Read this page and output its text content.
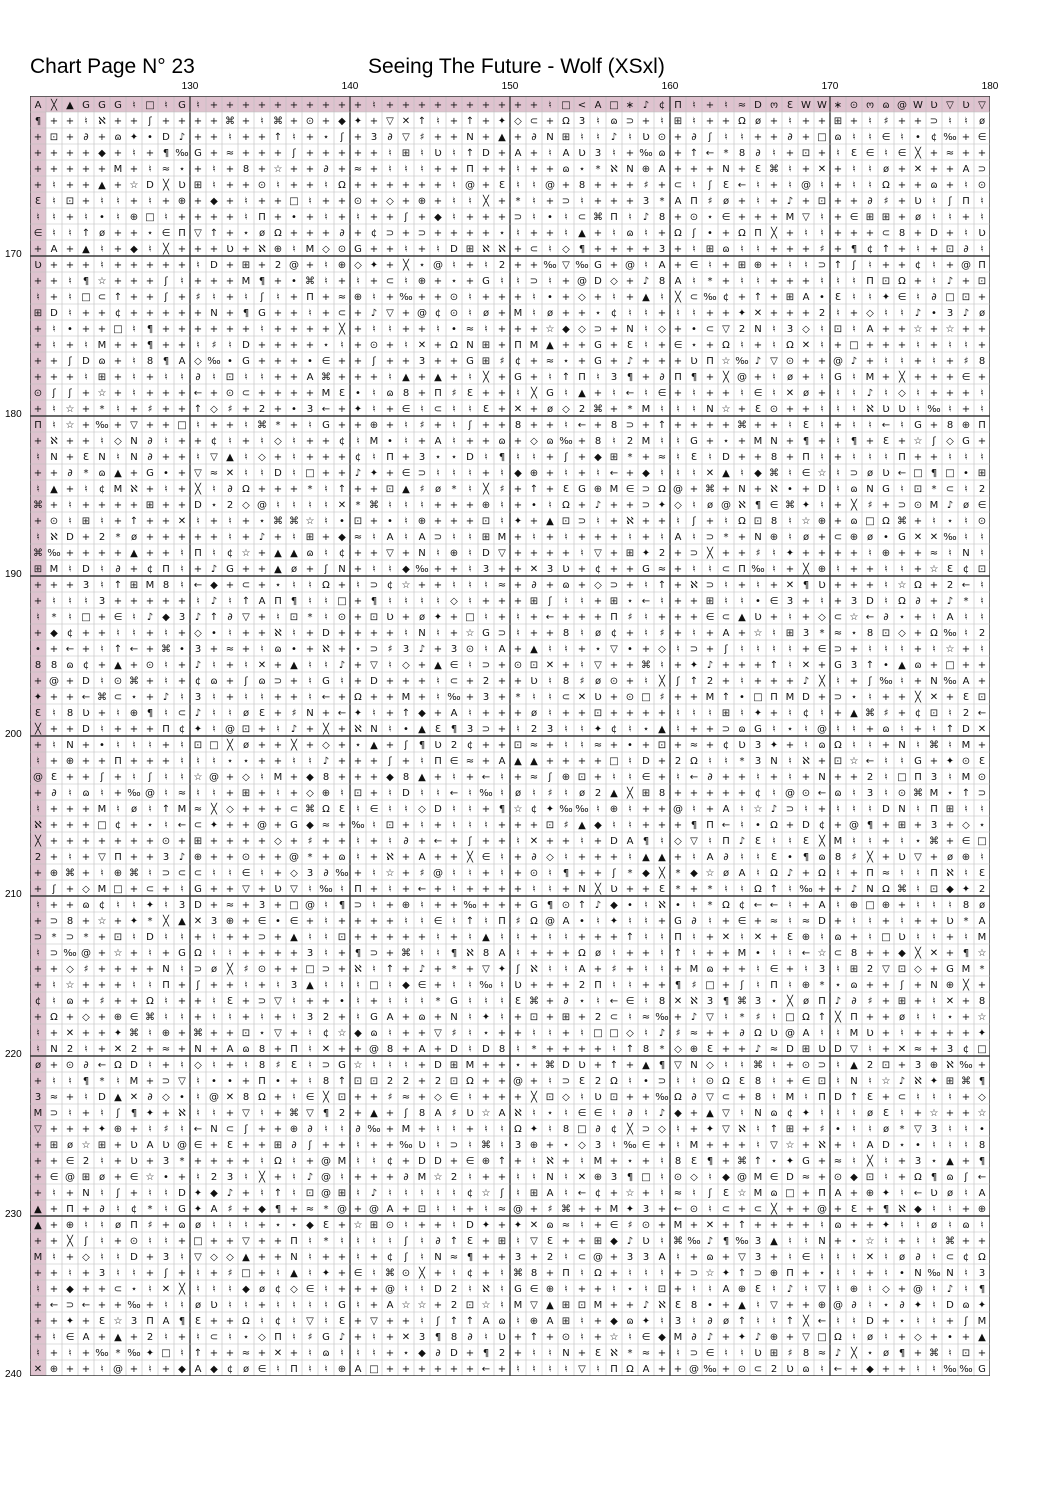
Chart Page N° 23	Seeing The Future - Wolf (XSxl)
130	140	150	160	170	180
170
180
190
200
210
220
230
240
A ╳ ▲ G G G ♮ □ ♮ G ♮ + + + + + + + + + + ♮ + + + + + + + + + + ♮ □ < A □ ∗ ♪ ¢ Π ♮ + ♮ ≈ D ო Ɛ W W ∗ ⊙ ო ɷ @ W Ʋ ▽ Ʋ ▽
¶ + + ♮ ℵ + + ʃ + + + + ⌘ + ♮ ⌘ + ⊙ + ◆ ✦ + ▽ ✕ ↑ ♮ + ↑ + ✦ ◇ ⊂ + Ω 3 ♮ ɷ ⊃ + ♮ ⊞ ♮ + + Ω ø + ♮ + + ⊞ + ♮ ♯ + + ⊃ ♮ ♮ ø
+ ⊡ + ∂ + ɷ ✦ • D ♪ + + ♮ + + ↑ ♮ + ⋆ ʃ + 3 ∂ ▽ ♯ + + N + ▲ + ∂ N ⊞ ♮ ♮ ♪ ♮ Ʋ ⊙ + ∂ ʃ ♮ ♮ + + ∂ + □ ɷ ♮ ♮ ∈ ♮ • ¢ ‰ + ∈
+ + + + ◆ + ♮ + ¶ ‰ G + ≈ + + + ʃ + + + + + ♮ ⊞ ♮ Ʋ ♮ ↑ D + A + ♮ A Ʋ 3 ♮ + ‰ ɷ + ↑ ← * 8 ∂ ♮ + ⊡ + ♮ Ɛ ∈ ♮ ∈ ╳ + ≈ + +
+ + + + + M + ♮ ≈ ⋆ + ♮ + 8 + ☆ + + ∂ + ≈ + ♮ ♮ ♮ + + Π + + ♮ + + ɷ ⋆ * ℵ N ⊕ A + + + N + Ɛ ⌘ ♮ + ✕ + ♮ ♮ ø + ✕ + + A ⊃
+ ♮ + + ▲ + ☆ D ╳ Ʋ ⊞ ♮ + + ⊙ ♮ + + ♮ Ω + + + + + + ♮ @ + Ɛ ♮ ♮ @ + 8 + + + ♯ + ⊂ ♮ ʃ Ɛ ← ♮ + ♮ @ ♮ + ♮ ♮ Ω + + ɷ + ♮ ⊙
Ɛ ♮ ⊡ + ♮ ♮ + ♮ + ⊕ + ◆ + ♮ + + □ ♮ + + ⊙ + ◇ + ⊕ + ♮ ♮ ╳ + * ♮ + ⊃ ♮ + + + 3 * A Π ♯ ø + ♮ + ♪ + ⊡ + + ∂ ♯ + Ʋ ♮ ʃ Π ♮
♮ ♮ + ♮ • ♮ ⊕ □ ♮ + + + + ♮ Π + • + ♮ + ♮ + + ʃ + ◆ ♮ + + + ⊃ ♮ • ♮ ⊂ ⌘ Π ♮ ♪ 8 + ⊙ ⋆ ∈ + + + M ▽ ♮ + ∈ ⊞ ⊞ + ø ♮ ♮ + ♮
∈ ♮ ♮ ↑ ø + + ⋆ ∈ Π ▽ ↑ + ⋆ ø Ω + + + ∂ + ¢ ⊃ + ⊃ + + + + ⋆ ♮ + + ♮ ▲ + ♮ ɷ ♮ + Ω ʃ • + Ω Π ╳ + ♮ ♮ + + + ⊂ 8 + D + ♮ Ʋ
+ A + ▲ ♮ + ◆ ♮ ╳ + + + Ʋ + ℵ ⊕ ♮ M ◇ ⊙ G + + ♮ + ♮ D ⊞ ℵ ℵ + ⊂ ♮ ◇ ¶ + + + + 3 + ♮ ⊞ ɷ ♮ ♮ + + + ♯ + ¶ ¢ ↑ + ♮ + ⊡ ∂ ♮
Ʋ + + + ♮ + + + + + ♮ D + ⊞ + 2 @ + ♮ ⊕ ◇ ✦ + ╳ ⋆ @ ♮ + ♮ 2 + + ‰ ▽ ‰ G + @ ♮ A + ∈ ♮ + ⊞ ⊕ + ♮ ♮ ⊃ ↑ ʃ ♮ + + ¢ ♮ + @ Π
+ + ♮ ¶ ☆ + + + ʃ ♮ + + + M ¶ + • ⌘ ♮ + ♮ + ⊂ ♮ ⊕ + ⋆ + G ♮ ♮ ⊃ ♮ + @ D ◇ + ♪ 8 A ♮ * + ♮ ♮ + + + ♮ ♮ ♮ Π ⊡ Ω + ♮ ♪ + ⊡
♮ + ♮ □ ⊂ ↑ + + ʃ + ♯ ♮ + ♮ ʃ ♮ + Π + ≈ ⊕ ♮ + ‰ + + ⊙ ♮ + + + ♮ • + ◇ + ♮ + ▲ ♮ ╳ ⊂ ‰ ¢ + ↑ + ⊞ A • Ɛ ♮ ♮ ✦ ∈ ♮ ∂ □ ⊡ +
⊞ D ♮ + + ¢ + + + + + N + ¶ G + + ♮ + ⊂ + ♪ ▽ + @ ¢ ⊙ ♮ ø + M ♮ ø + + ⋆ ¢ ♮ ♮ + ♮ ♮ + + ✦ ✕ + + + 2 ♮ + ◇ ♮ ♮ ♪ • 3 ♪ ø
+ ♮ • + + □ ♮ ¶ + + + + + + ♮ + + + + ╳ + ♮ ♮ + + ♮ • ≈ ♮ + + + ☆ ◆ ◇ ⊃ + N ♮ ◇ + • ⊂ ▽ 2 N ♮ 3 ◇ ♮ ⊡ ♮ A + + ☆ + ☆ + +
+ ♮ + ♮ M + + ¶ + + ♮ ♯ ♮ D + + + + ⋆ ♮ + ⊙ + ♮ ✕ + Ω N ⊞ + Π M ▲ + + G + Ɛ ♮ + ∈ ⋆ + Ω ♮ + ♮ Ω ✕ ♮ + □ + + + ♮ + ♮ ♮ +
+ + ʃ D ɷ + ♮ 8 ¶ A ◇ ‰ • G + + + • ∈ + + ʃ + + 3 + + G ⊞ ♯ ¢ + ≈ ⋆ + G + ♪ + + + Ʋ Π ☆ ‰ ♪ ▽ ⊙ + + @ ♪ + ♮ ♮ + ♮ + ♯ 8
+ + + ♮ ⊞ + ♮ + ♮ ♮ ∂ ♮ ⊡ ♮ ♮ + + A ⌘ + + + ♮ ▲ + ▲ + ♮ ╳ + G + ♮ ↑ Π ♮ 3 ¶ + ∂ Π ¶ + ╳ @ + ♮ ø + ♮ G ♮ M + ╳ + + + ∈ +
⊙ ʃ ʃ + ☆ + ♮ + + + ← + ⊙ ⊂ + + + + M Ɛ • ♮ ɷ 8 + Π ♯ Ɛ + + ♮ ╳ G ♮ ▲ + ♮ ← ♮ ∈ + ♮ + + ♮ ∈ ♮ ✕ ø + ♮ ♮ ♪ ♮ ◇ ♮ + + + ♮
+ ♮ ☆ + * ♮ + ♯ + + ↑ ◇ ♯ + 2 + • 3 ← + ✦ ♮ + ∈ ♮ ⊂ ♮ ♮ Ɛ + ✕ + ø ◇ 2 ⌘ + * M ♮ ♮ ♮ N ☆ + Ɛ ⊙ + + ♮ ♮ ♮ ℵ Ʋ Ʋ ♮ ‰ ♮ + ♮
Π ♮ ☆ + ‰ + ▽ + + □ ♮ + + ♮ ⌘ * + ♮ G + + ⊕ + ♮ ♯ + ♮ ʃ + + 8 + + ♮ ← + 8 ⊃ + ↑ + + + + ⌘ + + ♮ Ɛ ♮ + ♮ ♮ ← ♮ G + 8 ⊕ Π
+ ℵ + + ♮ ◇ N ∂ ♮ + + ¢ ♮ + ♮ ◇ ♮ + + ¢ ♮ M • ♮ + A ♮ + + ɷ + ◇ ɷ ‰ + 8 ♮ 2 M ♮ ♮ G + ⋆ + M N + ¶ + ♮ ¶ + Ɛ + ☆ ʃ ◇ G +
♮ N + Ɛ N ♮ N ∂ + + ♮ ▽ ▲ ♮ ◇ + ♮ + + + ¢ ♮ Π + 3 ⋆ ⋆ D ♮ ¶ ♮ ♮ + ʃ + ◆ ⊞ * + ≈ ♮ Ɛ ♮ D + + 8 + Π ♮ + ♮ ♮ ♮ Π + + ♮ ♮ ♮
+ + ∂ * ɷ ▲ + G • + ▽ ≈ ✕ ♮ ♮ D ♮ □ + + ♪ ✦ + ∈ ⊃ ♮ ♮ ♮ + ♮ ◆ ⊕ + ♮ + ♮ ← + ◆ ♮ ♮ ♮ ✕ ▲ ♮ ◆ ⌘ ♮ ∈ ☆ ♮ ⊃ ø Ʋ ← □ ¶ □ • ⊞
♮ ▲ + ♮ ¢ M ℵ + ♮ + ╳ ♮ ∂ Ω + + + * ♮ ↑ + + ⊡ ▲ ♯ ø * ♮ ╳ ♯ + ↑ + Ɛ G ⊕ M ∈ ⊃ Ω @ + ⌘ + N + ℵ • + D ♮ ɷ N G ♮ ⊡ * ⊂ ♮ 2
⌘ + ♮ + + + + ⊞ + + D ⋆ 2 ◇ @ ♮ ♮ ♮ ♮ ✕ * ⌘ ♮ ♮ ♮ + + + ⊕ ♮ + • ♮ Ω + ♪ + + ⊃ ✦ ◇ ♮ ø @ ℵ ¶ ∈ ⌘ ✦ ♮ + ╳ ♯ + ⊃ ⊙ M ♪ ø ∈
+ ⊙ ♮ ⊞ ♮ + ↑ + + ✕ ♮ + ♮ + ⋆ ⌘ ⌘ ☆ ♮ • ⊡ + • ♮ ⊕ + + + ⊡ ♮ ✦ + ▲ ⊡ ⊃ ♮ + ℵ + + ♮ ʃ + ♮ Ω ⊡ 8 ♮ ☆ ⊕ + ɷ □ Ω ⌘ + ♮ ⋆ ♮ ⊙
♮ ℵ D + 2 * ø + + + + + ♮ + ♪ + ♮ ⊞ + ◆ ≈ ♮ A ♮ A ⊃ ♮ ♮ ⊞ M + ♮ + ♮ + + + ♮ + ♮ A ♮ ⊃ * + N ⊕ ♮ ø + ⊂ ⊕ ø • G ✕ ✕ ‰ ♮ ♮
⌘ ‰ + + + + ▲ + + ♮ Π ♮ ¢ ☆ + ▲ ▲ ɷ ♮ ¢ + + ▽ + N ♮ ⊕ ♮ D ▽ + + + + ♮ ▽ + ⊞ ✦ 2 + ⊃ ╳ + + ♯ ♮ ✦ + + + + ♮ ⊕ + + ≈ ♮ N ♮
⊞ M ♮ D ♮ ∂ + ¢ Π ♮ + ♪ G + + ▲ ø + ʃ N + ♮ ♮ ◆ ‰ + + ♮ 3 + + ✕ 3 Ʋ + ¢ + + G ≈ + ♮ ♮ ⊂ Π ‰ ♮ + ╳ ⊕ ♮ + + ♮ ♮ + ☆ Ɛ ¢ ⊡
+ + + 3 ♮ ↑ ⊞ M 8 ♮ ← ◆ + ⊂ + ⋆ ♮ ♮ Ω + ♮ ⊃ ¢ ☆ + + ♮ ♮ ♮ ≈ + ∂ + ɷ + ◇ ⊃ + ♮ ↑ + ℵ ⊃ ♮ + ♮ + ✕ ¶ Ʋ + + + ♮ ☆ Ω + 2 ← ♮
+ ♮ ♮ ♮ 3 + + + + + ♮ ♪ ♮ ↑ A Π ¶ ♮ ♮ □ + ¶ ♮ ♮ ♮ ♮ ◇ ♮ + + + ⊞ ʃ ♮ ♮ + ⊞ ⋆ ← ♮ + + ⊞ ♮ ♮ • ∈ 3 + ♮ + 3 D ♮ Ω ∂ + ♪ * ♮
♮ * ♮ □ + ∈ ♮ ♪ ◆ 3 ♪ ↑ ∂ ▽ + ♮ ⊡ * ♮ ⊙ + ⊡ Ʋ + ø ✦ + □ ♮ + ♮ + ← + + + Π ♯ ♮ + + + ∈ ⊂ ▲ Ʋ + ♮ + ◇ ⊂ ☆ ← ∂ ⋆ + ♮ A ♮ ♮
+ ◆ ¢ + + ♮ ♮ + ♮ + ◇ • ♮ + + ℵ ♮ + D + + + + ♮ N ♮ + ☆ G ⊃ ♮ + + 8 ♮ ø ¢ + ♮ ♯ + ♮ + A + ☆ ♮ ⊞ 3 * ≈ ⋆ 8 ⊡ ◇ + Ω ‰ ♮ 2
• + ← + ♮ ↑ ← + ⌘ • 3 + ≈ + ♮ ɷ • + ℵ + ⋆ ⊃ ♯ 3 ♪ + 3 ⊙ ♮ A + ▲ ♮ ♮ + ⋆ ▽ • + ◇ ♮ ⊃ + ʃ ♮ ♮ ♮ ♮ + ∈ ⊃ + ♮ ♮ ♮ + ♮ ☆ + ♮
8 8 ɷ ¢ + ▲ + ⊙ ♮ + ♪ ♮ + ♮ ✕ + ▲ ♮ ♮ ♪ + ▽ ♮ ◇ + ▲ ∈ ♮ ⊃ + ⊙ ⊡ ✕ + ♮ ▽ + + ⌘ ♮ + ✦ ♪ + + + ↑ ♮ ✕ + G 3 ↑ • ▲ ɷ + □ + +
+ @ + D ♮ ⊙ ⌘ + ♮ + ¢ ɷ + ʃ ɷ ⊃ + ♮ G ♮ + D + + + ♮ ⊂ + 2 + + Ʋ ♮ 8 ♯ ø ⊙ + ♮ ╳ ʃ ↑ 2 + ♮ + + + ♪ ╳ ♮ + ʃ ‰ ♮ + N ‰ A +
✦ + + ← ⌘ ⊂ ⋆ + ♪ ♮ 3 ♮ + ♮ ♮ + + ♮ ← + Ω + + M + ♮ ‰ + 3 + * ♮ ♮ ⊂ ✕ Ʋ + ⊙ □ ♯ + + M ↑ • □ Π M D + ⊃ ⋆ ♮ + + ╳ ✕ + Ɛ ⊡
Ɛ ♮ 8 Ʋ + ♮ ⊕ ¶ ♮ ⊂ ♪ ♮ ♮ ø Ɛ + ♯ N + ← ✦ ♮ + ↑ ◆ + A ♮ + + + ø ♮ + + ⊡ + + + + ♮ ♮ ♮ ⊞ ♮ ✦ + ♮ ¢ ♮ + ▲ ⌘ ♯ + ¢ ⊡ ♮ 2 ←
╳ + + D ♮ + + + Π ¢ ✦ ♮ @ ⊡ + ♮ ♪ + ╳ + ℵ N ♮ • ▲ Ɛ ¶ 3 ⊃ + ♮ 2 3 ♮ ♮ ✦ ¢ ♮ ⋆ ▲ ♮ + + ⊃ ɷ G ♮ ⋆ ♮ @ ♮ ♮ + ɷ ♮ + ♮ ↑ D ✕
+ ♮ N + • ♮ ♮ ♮ + ♮ ⊡ □ ╳ ø + + ╳ + ◇ + ⋆ ▲ + ʃ ¶ Ʋ 2 ¢ + + ⊡ ≈ + ♮ ♮ ≈ + • + ⊡ + ≈ + ¢ Ʋ 3 ✦ + ♮ ɷ Ω ♮ ♮ + N ♮ ⌘ ♮ M +
♮ + ⊕ + + Π + + + ♮ ♮ ♮ ⋆ ⋆ + + ♮ ♮ ♪ + + + ʃ + ♮ Π ∈ ≈ + A ▲ ▲ + + + + □ ♮ D + 2 Ω ♮ ♮ * 3 N ♮ ℵ + ⊡ ☆ ← ♮ ♮ G + ✦ ⊙ Ɛ
@ Ɛ + + ʃ + ♮ ʃ ♮ ♮ ☆ @ + ◇ ♮ M + ◆ 8 + + + ◆ 8 ▲ + ♮ + ← ♮ + ≈ ʃ ⊕ ⊡ + ♮ ♮ ∈ + ♮ ← ∂ + + ♮ + ♮ + N + + 2 ♮ □ Π 3 ♮ M ⊙
+ ∂ ♮ ɷ ♮ + ‰ @ ♮ ≈ ♮ ♮ + ⊞ + ♮ + ◇ ⊕ ♮ ⊡ + ♮ D ♮ ♮ ← ♮ ‰ ♮ ø ♮ ♯ ♮ ø 2 ▲ ╳ ⊞ 8 + + + + + ¢ ♮ @ ⊙ ← ɷ ♮ 3 ♮ ⊙ ⌘ M ⋆ ↑ ⊃
♮ + + + M ♮ ø ♮ ↑ M ≈ ╳ ◇ + + + ⊂ ⌘ Ω Ɛ ♮ ∈ ♮ ♮ ◇ D ♮ ♮ + ¶ ☆ ¢ ✦ ‰ ‰ ♮ ⊕ ♮ + + @ ♮ + A ♮ ☆ ♪ ⊃ ♮ + ♮ ♮ ♮ D N ♮ Π ⊞ ♮ ♮
ℵ + + + □ ¢ + ⋆ ♮ ← ⊂ ✦ + + @ + G ◆ ≈ + ‰ ♮ ⊡ + ♮ + ♮ ♮ ♮ + + + ⊡ ♯ ▲ ◆ ♮ ♮ + + + ¶ Π ← ♮ • Ω + D ¢ + @ ¶ + ⊞ + 3 + ◇ ⋆
╳ + + + + + + + ⊙ + ⊞ + + + + ◇ + ♯ + + ♮ + ♮ ∂ + ← + ʃ + + ♮ ✕ + + ♮ + D A ¶ ♮ ◇ ▽ ♮ Π ♪ Ɛ ♮ ♮ Ɛ ╳ M ♮ ♮ + ♮ ⋆ ⌘ + ∈ □
2 + ♮ + ▽ Π + + 3 ♪ ⊕ + + ⊙ + + @ * + ɷ ♮ + ℵ + A + + ╳ ∈ ♮ + ∂ ◇ ♮ + + + ♮ ▲ ▲ + ♮ A ∂ ♮ ♮ Ɛ • ¶ ɷ 8 ♯ ╳ + Ʋ ▽ + ø ⊕ ♮
+ ⊕ ⌘ + ♮ ⊕ ⌘ ♮ ⊃ ⊂ ⊂ ♮ ♮ ∈ ♮ + ◇ 3 ∂ ‰ + ♮ ☆ + ♯ @ ♮ ♮ + ♮ + ⊙ ♮ ¶ + + ʃ * ◆ ╳ * ◆ ☆ ø A ♮ Ω ♪ + Ω ♮ + Π ≈ ♮ ♮ Π ℵ ♮ Ɛ
+ ʃ + ◇ M □ + ⊂ + ♮ G + + ▽ + Ʋ ▽ ♮ ‰ ♮ Π + ♮ + ← + ♮ + + + + ♮ ♮ + N ╳ Ʋ + + Ɛ * + * ♮ ♮ Ω ↑ ♮ ‰ + + ♪ N Ω ⌘ ♮ ⊡ ◆ ✦ 2
♮ + + ɷ ¢ ♮ ♮ ✦ ♮ 3 D + ≈ + 3 + □ @ ♮ ¶ ⊃ ♮ + ⊕ ♮ + + ‰ + + + G ¶ ⊙ ↑ ♪ ◆ • ♮ ℵ • ♮ * Ω ¢ ← ← ♮ + A ♮ ⊕ □ ⊕ + ♮ ♮ ♮ 8 ø
+ ⊃ 8 + ☆ + ✦ * ╳ ▲ ✕ 3 ⊕ + ∈ • ∈ + ♮ + + + + ♮ ♮ ∈ ♮ ↑ ♮ Π ♯ Ω @ A • ♮ ✦ ♮ ♮ + G ∂ ♮ + ∈ + ≈ ♮ ≈ D + ♮ ♮ + ♮ + + Ʋ * A
⊃ * ⊃ * + ⊡ ♮ D ♮ ♮ + ♮ + + ⊃ + ▲ ♮ ♮ ⊡ + + + + + ♮ + ♮ ▲ ♮ ♮ + ♮ ♮ + + + ↑ ♮ ♮ Π ♮ + ✕ ♮ ✕ + Ɛ ⊕ ♮ ɷ + ♮ □ Ʋ ♮ ♮ + ♮ M
♮ ⊃ ‰ @ + ☆ + ♮ + G Ω ♮ ♮ + + + + 3 ♮ + ¶ ⊃ + ⌘ ♮ ♮ ¶ ℵ 8 A ♮ + + + Ω ø ♮ + + ♮ ↑ ♮ + + M • ♮ ♮ ← ☆ ⊂ 8 + + ◆ ╳ ✕ + ¶ ☆
+ + ◇ ♯ + + + + N ♮ ⊃ ø ╳ ♯ ⊙ + + □ ⊃ + ℵ ♮ ↑ + ♪ + * + ▽ ✦ ʃ ℵ ♮ ♮ A + ♯ + ♮ ♮ + M ɷ + + ♮ ∈ + ♮ 3 ♮ ⊞ 2 ▽ ⊡ ◇ + G M *
+ ♮ ☆ + + + ♮ ♮ Π + ʃ + + ♮ + ♮ 3 ▲ ♮ ♮ ♮ □ ♮ ◆ ∈ + ♮ ♮ ‰ ♮ Ʋ + + + 2 Π ♮ ♮ + + ¶ ♯ □ + ʃ ♮ Π ♮ ⊕ * ⋆ ɷ + + ʃ + N ⊕ ╳ +
¢ ♮ ɷ + ♯ + + Ω ♮ + + ♮ Ɛ + ⊃ ▽ ♮ + + • ♮ + ♮ ♮ ♮ * G ♮ ♮ ♮ Ɛ ⌘ + ∂ ⋆ ♮ ← ∈ ♮ 8 ✕ ℵ 3 ¶ ⌘ 3 ⋆ ╳ ø Π ♪ ∂ ♯ + ⊞ + ♮ ✕ + 8
+ Ω + ◇ + ⊕ ∈ ⌘ ♮ ♮ + ♮ ♮ + ♮ + ♮ 3 2 + ♮ G A + ɷ + N ♮ ✦ ♮ + ⊡ + ⊞ + 2 ⊂ ♮ ≈ ‰ + ♪ ▽ ♮ * ♯ ♮ □ Ω ↑ ╳ Π + + ø ♮ ♮ ⋆ + ☆
♮ + ✕ + + ✦ ⌘ ♮ ⊕ + ⌘ + + ⊡ ⋆ ▽ + ♮ ¢ ☆ ◆ ɷ ♮ + + ▽ ♯ ♮ ⋆ + + ♮ ♮ + ♮ □ □ ◇ ♮ ♪ ♯ ≈ + + ∂ Ω Ʋ @ A ♮ ♮ M Ʋ + ♮ + + + + ✦
♮ N 2 ♮ + ✕ 2 + ≈ + N + A ɷ 8 + Π ♮ ✕ + + @ 8 + A + D ♮ D 8 ♮ * + + + + ♮ ↑ 8 * ◇ ⊕ Ɛ + + ♪ ≈ D ⊞ Ʋ D ▽ ♮ + ✕ ≈ + 3 ¢ □
ø + ⊙ ∂ ← Ω D ♮ + ♮ ◇ ♮ + ♮ 8 ♯ Ɛ ♮ ⊃ G ☆ ♮ ♮ ♮ + D ⊞ M + + ⋆ + ⌘ D Ʋ + ↑ + ▲ ¶ ▽ N ◇ ♮ ♮ ⌘ ♮ + ⊙ ⊃ ♮ ▲ 2 ⊡ + 3 ⊕ ℵ ‰ +
+ ♮ ♮ ¶ * ♮ M + ⊃ ▽ ♮ • • + Π • + ♮ 8 ↑ ⊡ ⊡ 2 2 + 2 ⊡ Ω + + @ + ♮ ⊃ Ɛ 2 Ω ♮ • ⊃ ♮ ♮ ⊙ Ω Ɛ 8 ♮ + ∈ ⊡ ♮ N ♮ ☆ ♪ ℵ ✦ ⊞ ⌘ ¶
3 ≈ + ♮ D ▲ ✕ ∂ ◇ • ♮ @ ✕ 8 Ω + ♮ ∈ ╳ ⊡ + + ♯ ≈ + ◇ ∈ ♮ + + + ╳ ⊡ ◇ ♮ Ʋ ⊡ + + ‰ Ω ∂ ▽ ⊂ + 8 ♮ M ♮ Π D ↑ Ɛ + ⊂ ♮ ♮ ♮ + ◇
M ⊃ ♮ + ♮ ʃ ¶ ✦ + ℵ ♮ ♮ + ▽ ♮ + ⌘ ▽ ¶ 2 + ▲ + ʃ 8 A ♯ Ʋ ☆ A ℵ ♮ ⋆ ♮ ∈ ∈ ♮ ∂ ♮ ♪ ◆ + ▲ ▽ ♮ N ɷ ¢ ✦ ♮ ♮ ♮ ø Ɛ ♮ + ☆ + + ☆
▽ + + + ✦ ⊕ + ♮ ♯ ♮ ← N ⊂ ʃ + + ⊕ ∂ ♮ ♮ ∂ ‰ + M + ♮ ♮ + ♮ ♮ Ω ✦ ♮ 8 □ ∂ ¢ ╳ ⊃ ◇ ♮ + ✦ ▽ ℵ ♮ ↑ ⊞ + ♯ • ♮ ♮ ø * ▽ 3 ♮ ♮ •
+ ⊞ ø ☆ ⊞ + Ʋ A Ʋ @ ∈ + Ɛ + + ⊞ ∂ ʃ + + ♮ + + ‰ Ʋ ♮ ⊃ ♮ ⌘ ♮ 3 ⊕ + ⋆ ◇ 3 ♮ ‰ ∈ + ♮ M + + + ♮ ▽ ☆ + ℵ + ♮ A D ⋆ • ♮ ♮ ♮ 8
+ + ∈ 2 ♮ + Ʋ + 3 * + + + + ♮ Ω ♮ + @ M ♮ ♮ ¢ + D D + ∈ ⊕ ↑ + ♮ ℵ + ♮ M + ⋆ + ♮ 8 Ɛ ¶ + ⌘ ↑ ⋆ ✦ G + ≈ ♮ ╳ ♮ + 3 ⋆ ▲ + ¶
+ ∈ @ ⊞ ø + ∈ ☆ • + ♮ 2 3 ♮ ╳ + ♮ ♪ @ ♮ + + + ∂ M ☆ 2 ♮ + + ♮ ♮ N ♮ ✕ ⊕ 3 ¶ □ ♮ ⊙ ◇ ♮ ◆ @ M ∈ D ≈ + ⊙ ◆ ⊡ ♮ + Ω ¶ ɷ ʃ ←
+ ♮ + N ♮ ʃ + ♮ ♮ D ✦ ◆ ♪ + ♮ ↑ ♮ ⊡ @ ⊞ ♮ ♪ ♮ ♮ ♮ ♮ ♮ ¢ ☆ ʃ ♮ ⊞ A ♮ ← ¢ + ☆ + ♮ ≈ ♮ ʃ Ɛ ☆ M ɷ □ + Π A + ⊕ ✦ ♮ ← Ʋ ø ♮ A
▲ + Π + ∂ ♮ ¢ * ♮ G ✦ A ♯ + ◆ ¶ + ≈ * @ + @ A + ⊡ ♮ ♮ + ♮ ≈ @ + ♯ ⌘ + + M ✦ 3 + ← ⊙ ♮ ⊂ + ⊂ ╳ + + @ + Ɛ + ¶ ℵ ◆ ♮ ♮ + ⊕
▲ + ⊕ ♮ ♮ ø Π ♯ + ɷ ø ♮ ♮ ♮ + ⋆ ⋆ ◆ Ɛ + ☆ ⊞ ⊙ ♮ + + ♮ D ✦ + ✦ ✕ ɷ ≈ ♮ + ∈ ♯ ⊙ + M + ✕ + ↑ + + + + ♮ ɷ + + ✦ ♮ ♮ ø ♮ ɷ ♮
+ + ╳ ʃ ♮ + ⊙ ♮ ♮ + □ + + ▽ + + Π ♮ * ♮ ♮ ♮ ♮ ʃ ♮ ∂ ↑ Ɛ + ⊞ ♮ ▽ Ɛ + + ⊞ ◆ ♪ Ʋ ♮ ⌘ ‰ ♪ ¶ ‰ 3 ▲ ♮ ♮ N + ⋆ ☆ ♮ + ♮ ♮ ⌘ + +
M ♮ + ◇ ♮ ♮ D + 3 ♮ ▽ ◇ ◇ ▲ + + N ♮ + + ♮ + ¢ ʃ ♮ N ≈ ¶ + + 3 + 2 ♮ ⊂ @ + 3 3 A ♮ + ɷ + ▽ 3 + ♮ ∈ ♮ ♮ ♮ ✕ ♮ ø ∂ ♮ ⊂ ¢ Ω
+ + ♮ + 3 ♮ ♮ + ʃ + ♮ + ♯ □ + ♮ ▲ ♮ ✦ + ∈ ♮ ⌘ ⊙ ╳ + ♮ ¢ + ♮ ⌘ 8 + Π ♮ Ω + ♮ ♮ ♮ + ⊃ ☆ ✦ ↑ ⊃ ⊕ Π + ⋆ ♮ ♮ + ♮ • N ‰ N ♮ 3
♮ + ◆ + + ⊂ ⋆ ♮ ✕ ╳ ♮ ♮ ♮ ◆ ø ¢ ◇ ∈ ♮ + + + @ ♮ ♮ D 2 ♮ ℵ ♮ G ∈ ⊕ ♮ + + ♮ ⋆ ♮ ⊡ + ♮ ♮ A ⊕ Ɛ ♮ ♪ ♮ ▽ ♮ ⊕ ♮ ◇ + @ ♮ ♪ ♮ ¶
+ ← ⊃ ← + + ‰ + ♮ ♮ ø Ʋ ♮ ♮ + ♮ ♮ ♮ ♮ G ♮ + A ☆ ☆ + 2 ⊡ ☆ ♮ M ▽ ▲ ⊞ ⊡ M + + ♪ ℵ Ɛ 8 • + ▲ ♮ ▽ + + ⊕ @ ∂ ♮ ⋆ ∂ ✦ ♮ D ɷ ✦
+ + ✦ + Ɛ ☆ 3 Π A ¶ Ɛ + + Ω ♮ ¢ ♮ ▽ ♮ Ɛ + ▽ + + ♮ ʃ ↑ ↑ A ɷ ♮ ⊕ A ⊞ ♮ + ◆ ɷ ✦ ♮ 3 ♮ ∂ ø ↑ ♮ ♮ ↑ ╳ ← ♮ ♮ D + ⋆ ♮ ♮ + ʃ M
+ ♮ ∈ A + ▲ + 2 ♮ + ♮ ⊂ ♮ ⋆ ◇ Π ♮ ♯ G ♪ + ♮ + ✕ 3 ¶ 8 ∂ ♮ Ʋ + ↑ + ⊙ ♮ + ☆ ♮ ∈ ◆ M ∂ ♪ + ✦ ♪ ⊕ + ▽ □ Ω ♮ ø ♮ + ◇ + • + ▲
♮ + ♮ + ‰ * ‰ ✦ □ ♮ ↑ + + ≈ + ✕ + ♮ ɷ ♮ ♮ ♮ + ⋆ ◆ ∂ D + ¶ 2 + ♮ ♮ N + Ɛ ℵ * ≈ + ♮ ⊃ ∈ ♮ ♮ Ʋ ⊞ ♯ 8 ≈ ♪ ╳ ⋆ ø ¶ + ⌘ ♮ ⊡ +
✕ ⊕ + + ♮ @ + ♮ + ◆ A ◆ ¢ ø ∈ ♮ Π ♮ ♮ ⊕ A □ + + + + + + ← + ♮ ♮ ♮ ♮ ▽ ♮ Π Ω A + + @ ‰ + ⊙ ⊂ 2 Ʋ ɷ ♮ ← + ◆ + + ♮ ♮ ‰ ‰ G
